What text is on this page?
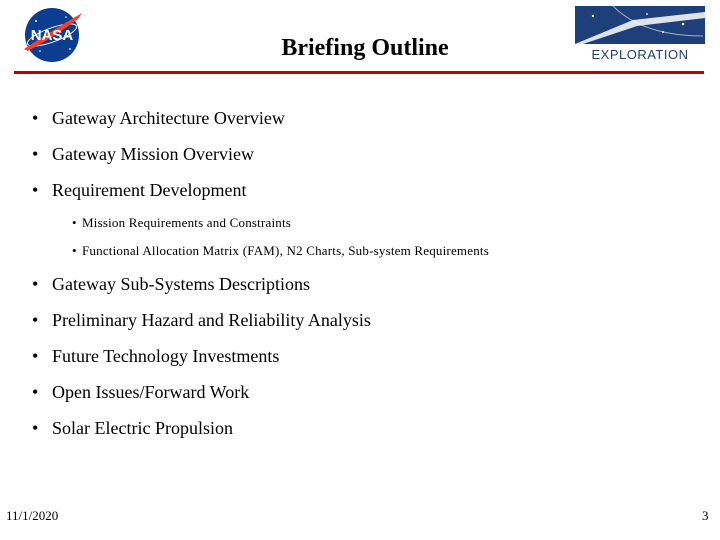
NASA	Briefing Outline	EXPLORATION
• Gateway Architecture Overview
• Gateway Mission Overview
• Requirement Development
• Mission Requirements and Constraints
• Functional Allocation Matrix (FAM), N2 Charts, Sub-system Requirements
• Gateway Sub-Systems Descriptions
• Preliminary Hazard and Reliability Analysis
• Future Technology Investments
• Open Issues/Forward Work
• Solar Electric Propulsion
11/1/2020	3
